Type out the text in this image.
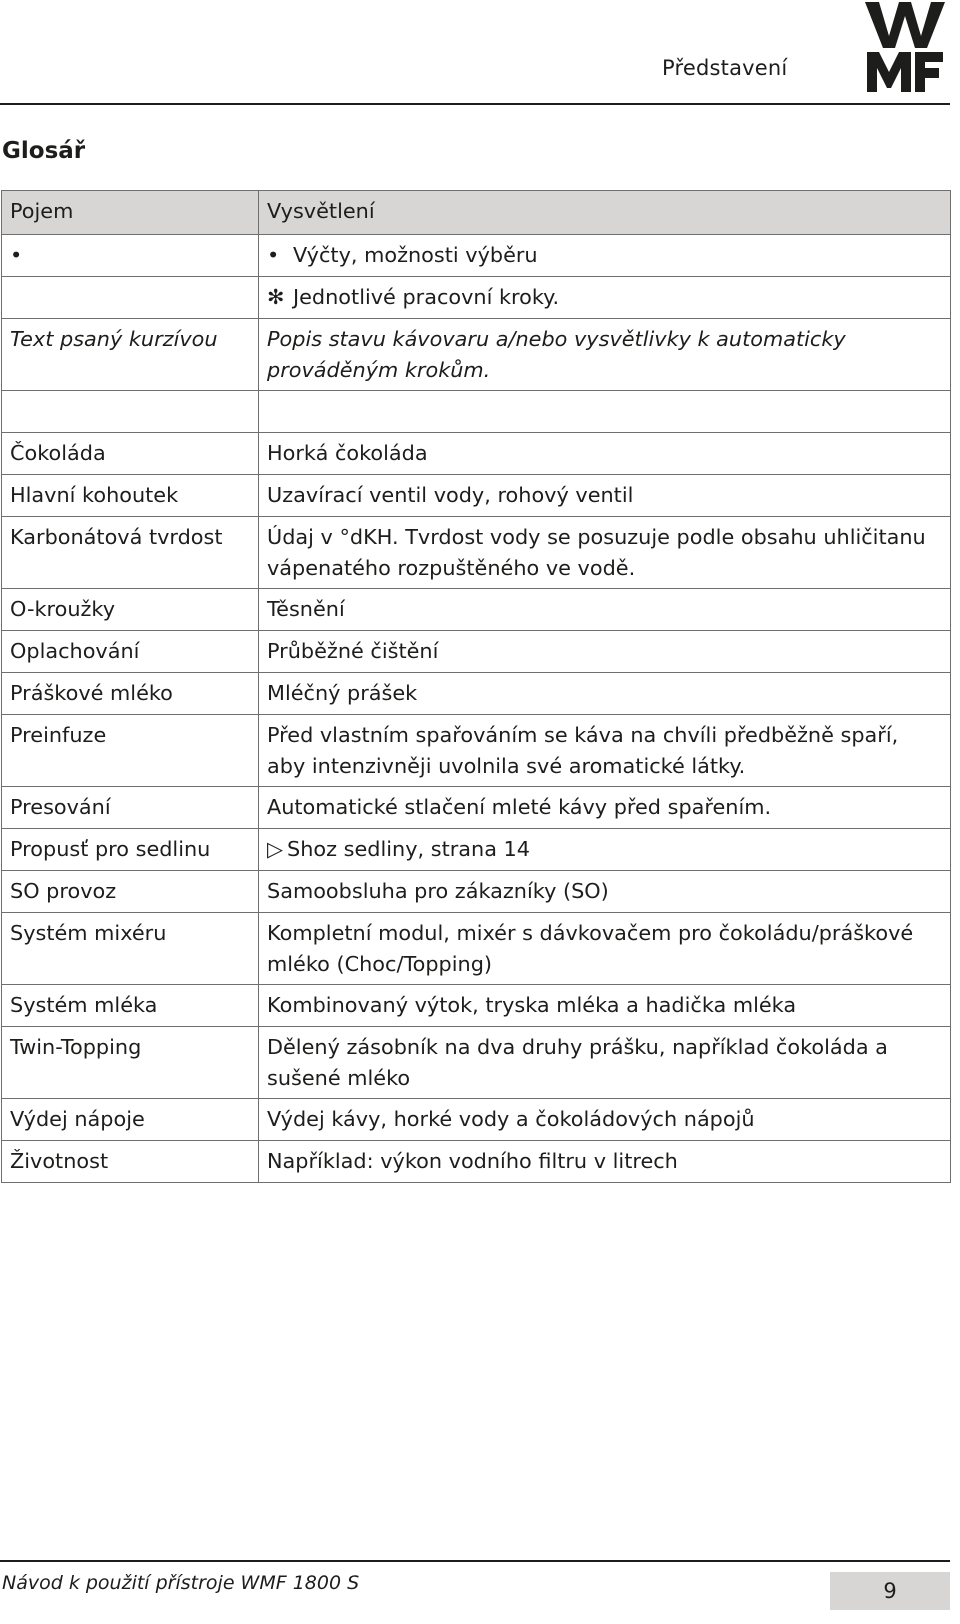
Představení
Glosář
Pojem	Vysvětlení
•	• Výčty, možnosti výběru
	✻ Jednotlivé pracovní kroky.
Text psaný kurzívou	Popis stavu kávovaru a/nebo vysvětlivky k automaticky prováděným krokům.

Čokoláda	Horká čokoláda
Hlavní kohoutek	Uzavírací ventil vody, rohový ventil
Karbonátová tvrdost	Údaj v °dKH. Tvrdost vody se posuzuje podle obsahu uhličitanu vápenatého rozpuštěného ve vodě.
O-kroužky	Těsnění
Oplachování	Průběžné čištění
Práškové mléko	Mléčný prášek
Preinfuze	Před vlastním spařováním se káva na chvíli předběžně spaří, aby intenzivněji uvolnila své aromatické látky.
Presování	Automatické stlačení mleté kávy před spařením.
Propusť pro sedlinu	▷ Shoz sedliny, strana 14
SO provoz	Samoobsluha pro zákazníky (SO)
Systém mixéru	Kompletní modul, mixér s dávkovačem pro čokoládu/práškové mléko (Choc/Topping)
Systém mléka	Kombinovaný výtok, tryska mléka a hadička mléka
Twin-Topping	Dělený zásobník na dva druhy prášku, například čokoláda a sušené mléko
Výdej nápoje	Výdej kávy, horké vody a čokoládových nápojů
Životnost	Například: výkon vodního filtru v litrech
Návod k použití přístroje WMF 1800 S	9
